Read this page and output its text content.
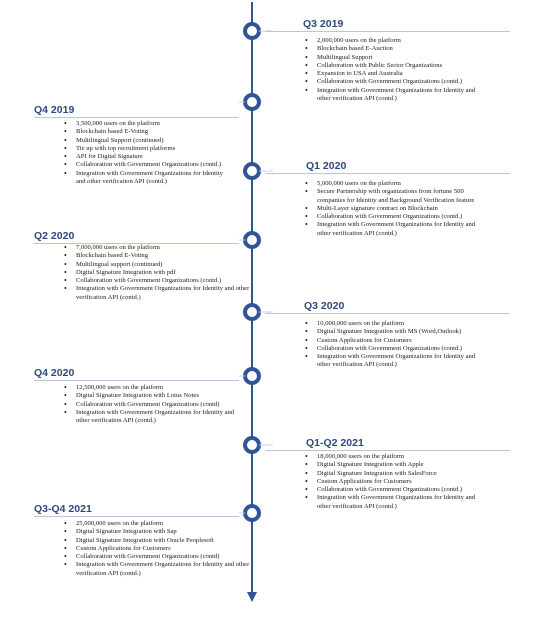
Q3 2019
• 2,000,000 users on the platform
• Blockchain based E-Auction
• Multilingual Support
• Collaboration with Public Sector Organizations
• Expansion to USA and Australia
• Collaboration with Government Organizations (contd.)
• Integration with Government Organizations for Identity and other verification API (contd.)
Q4 2019
• 3,500,000 users on the platform
• Blockchain based E-Voting
• Multilingual Support (continued)
• Tie up with top recruitment platforms
• API for Digital Signature
• Collaboration with Government Organizations (contd.)
• Integration with Government Organizations for Identity and other verification API (contd.)
Q1 2020
• 5,000,000 users on the platform
• Secure Partnership with organizations from fortune 500 companies for Identity and Background Verification feature
• Multi-Layer signature contract on Blockchain
• Collaboration with Government Organizations (contd.)
• Integration with Government Organizations for Identity and other verification API (contd.)
Q2 2020
• 7,000,000 users on the platform
• Blockchain based E-Voting
• Multilingual support (continued)
• Digital Signature Integration with pdf
• Collaboration with Government Organizations (contd.)
• Integration with Government Organizations for Identity and other verification API (contd.)
Q3 2020
• 10,000,000 users on the platform
• Digital Signature Integration with MS (Word,Outlook)
• Custom Applications for Customers
• Collaboration with Government Organizations (contd.)
• Integration with Government Organizations for Identity and other verification API (contd.)
Q4 2020
• 12,500,000 users on the platform
• Digital Signature Integration with Lotus Notes
• Collaboration with Government Organizations (contd)
• Integration with Government Organizations for Identity and other verification API (contd.)
Q1-Q2 2021
• 18,000,000 users on the platform
• Digital Signature Integration with Apple
• Digital Signature Integration with SalesForce
• Custom Applications for Customers
• Collaboration with Government Organizations (contd.)
• Integration with Government Organizations for Identity and other verification API (contd.)
Q3-Q4 2021
• 25,000,000 users on the platform
• Digital Signature Integration with Sap
• Digital Signature Integration with Oracle Peoplesoft
• Custom Applications for Customers
• Collaboration with Government Organizations (contd)
• Integration with Government Organizations for Identity and other verification API (contd.)
